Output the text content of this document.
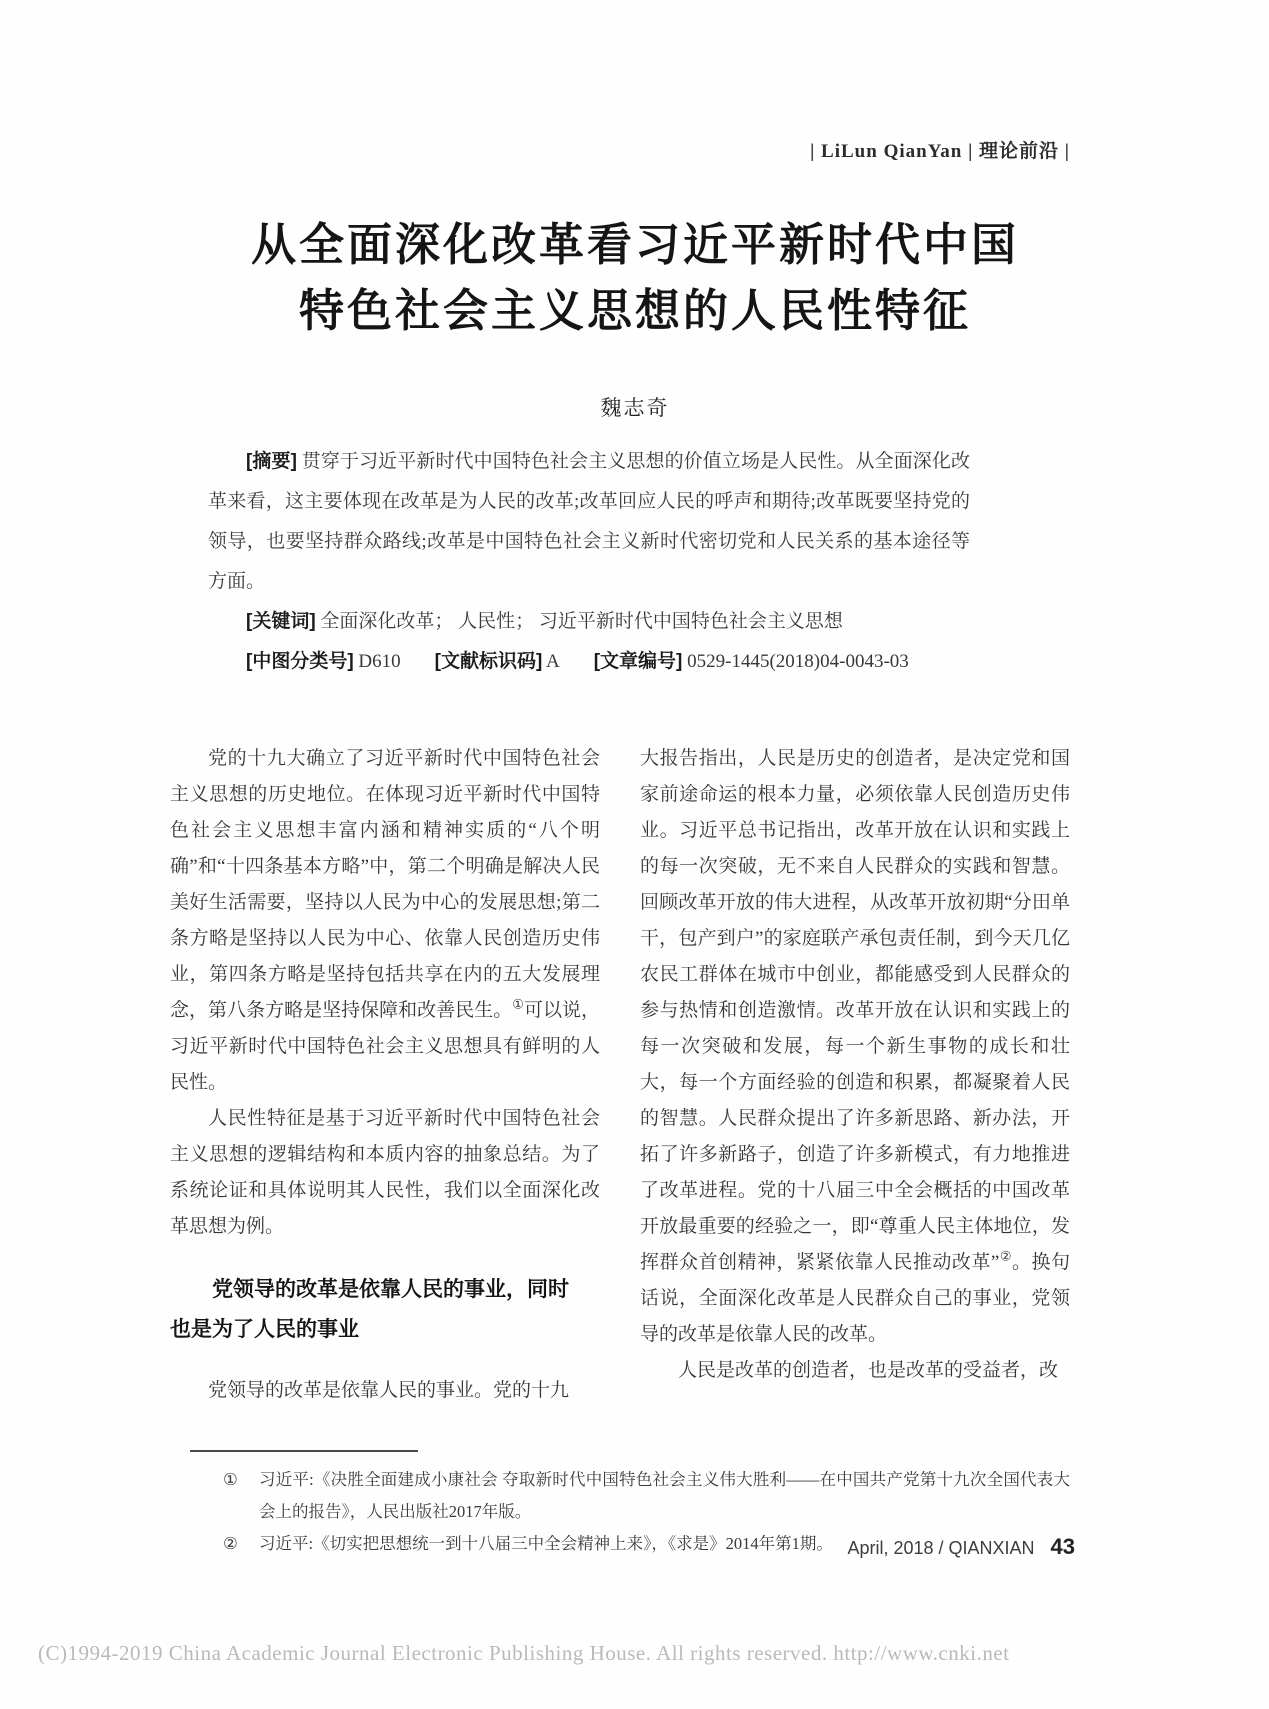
| LiLun QianYan | 理论前沿 |
从全面深化改革看习近平新时代中国
特色社会主义思想的人民性特征
魏志奇

[摘要] 贯穿于习近平新时代中国特色社会主义思想的价值立场是人民性。从全面深化改革来看，这主要体现在改革是为人民的改革;改革回应人民的呼声和期待;改革既要坚持党的领导，也要坚持群众路线;改革是中国特色社会主义新时代密切党和人民关系的基本途径等方面。

[关键词] 全面深化改革； 人民性； 习近平新时代中国特色社会主义思想

[中图分类号] D610 [文献标识码] A [文章编号] 0529-1445(2018)04-0043-03

党的十九大确立了习近平新时代中国特色社会主义思想的历史地位。在体现习近平新时代中国特色社会主义思想丰富内涵和精神实质的“八个明确”和“十四条基本方略”中，第二个明确是解决人民美好生活需要，坚持以人民为中心的发展思想;第二条方略是坚持以人民为中心、依靠人民创造历史伟业，第四条方略是坚持包括共享在内的五大发展理念，第八条方略是坚持保障和改善民生。①可以说，习近平新时代中国特色社会主义思想具有鲜明的人民性。

人民性特征是基于习近平新时代中国特色社会主义思想的逻辑结构和本质内容的抽象总结。为了系统论证和具体说明其人民性，我们以全面深化改革思想为例。

党领导的改革是依靠人民的事业，同时
也是为了人民的事业

党领导的改革是依靠人民的事业。党的十九

大报告指出，人民是历史的创造者，是决定党和国家前途命运的根本力量，必须依靠人民创造历史伟业。习近平总书记指出，改革开放在认识和实践上的每一次突破，无不来自人民群众的实践和智慧。回顾改革开放的伟大进程，从改革开放初期“分田单干，包产到户”的家庭联产承包责任制，到今天几亿农民工群体在城市中创业，都能感受到人民群众的参与热情和创造激情。改革开放在认识和实践上的每一次突破和发展，每一个新生事物的成长和壮大，每一个方面经验的创造和积累，都凝聚着人民的智慧。人民群众提出了许多新思路、新办法，开拓了许多新路子，创造了许多新模式，有力地推进了改革进程。党的十八届三中全会概括的中国改革开放最重要的经验之一，即“尊重人民主体地位，发挥群众首创精神，紧紧依靠人民推动改革”②。换句话说，全面深化改革是人民群众自己的事业，党领导的改革是依靠人民的改革。

人民是改革的创造者，也是改革的受益者，改

①	习近平:《决胜全面建成小康社会 夺取新时代中国特色社会主义伟大胜利——在中国共产党第十九次全国代表大会上的报告》，人民出版社2017年版。
②	习近平:《切实把思想统一到十八届三中全会精神上来》，《求是》2014年第1期。 April, 2018 / QIANXIAN 43
(C)1994-2019 China Academic Journal Electronic Publishing House. All rights reserved. http://www.cnki.net
